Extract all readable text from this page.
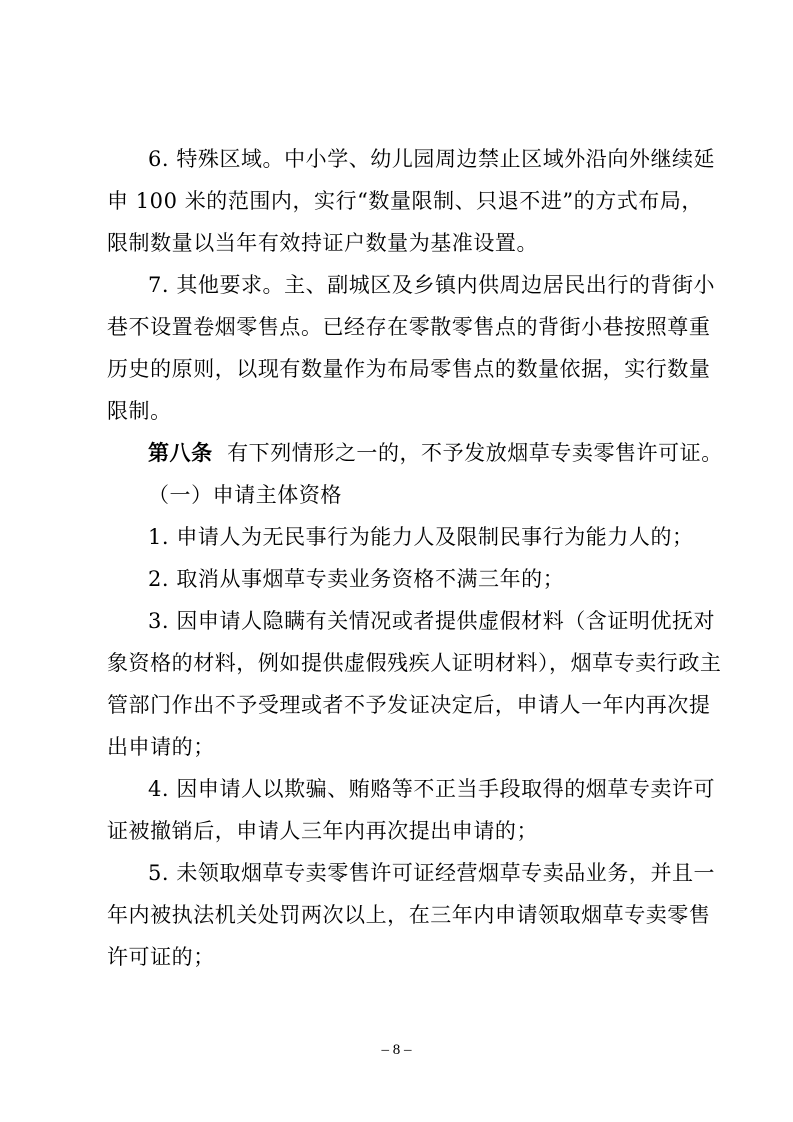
6. 特殊区域。中小学、幼儿园周边禁止区域外沿向外继续延
申 100 米的范围内，实行“数量限制、只退不进”的方式布局，
限制数量以当年有效持证户数量为基准设置。
7. 其他要求。主、副城区及乡镇内供周边居民出行的背街小
巷不设置卷烟零售点。已经存在零散零售点的背街小巷按照尊重
历史的原则，以现有数量作为布局零售点的数量依据，实行数量
限制。
第八条 有下列情形之一的，不予发放烟草专卖零售许可证。
（一）申请主体资格
1. 申请人为无民事行为能力人及限制民事行为能力人的；
2. 取消从事烟草专卖业务资格不满三年的；
3. 因申请人隐瞒有关情况或者提供虚假材料（含证明优抚对
象资格的材料，例如提供虚假残疾人证明材料），烟草专卖行政主
管部门作出不予受理或者不予发证决定后，申请人一年内再次提
出申请的；
4. 因申请人以欺骗、贿赂等不正当手段取得的烟草专卖许可
证被撤销后，申请人三年内再次提出申请的；
5. 未领取烟草专卖零售许可证经营烟草专卖品业务，并且一
年内被执法机关处罚两次以上，在三年内申请领取烟草专卖零售
许可证的；
– 8 –
